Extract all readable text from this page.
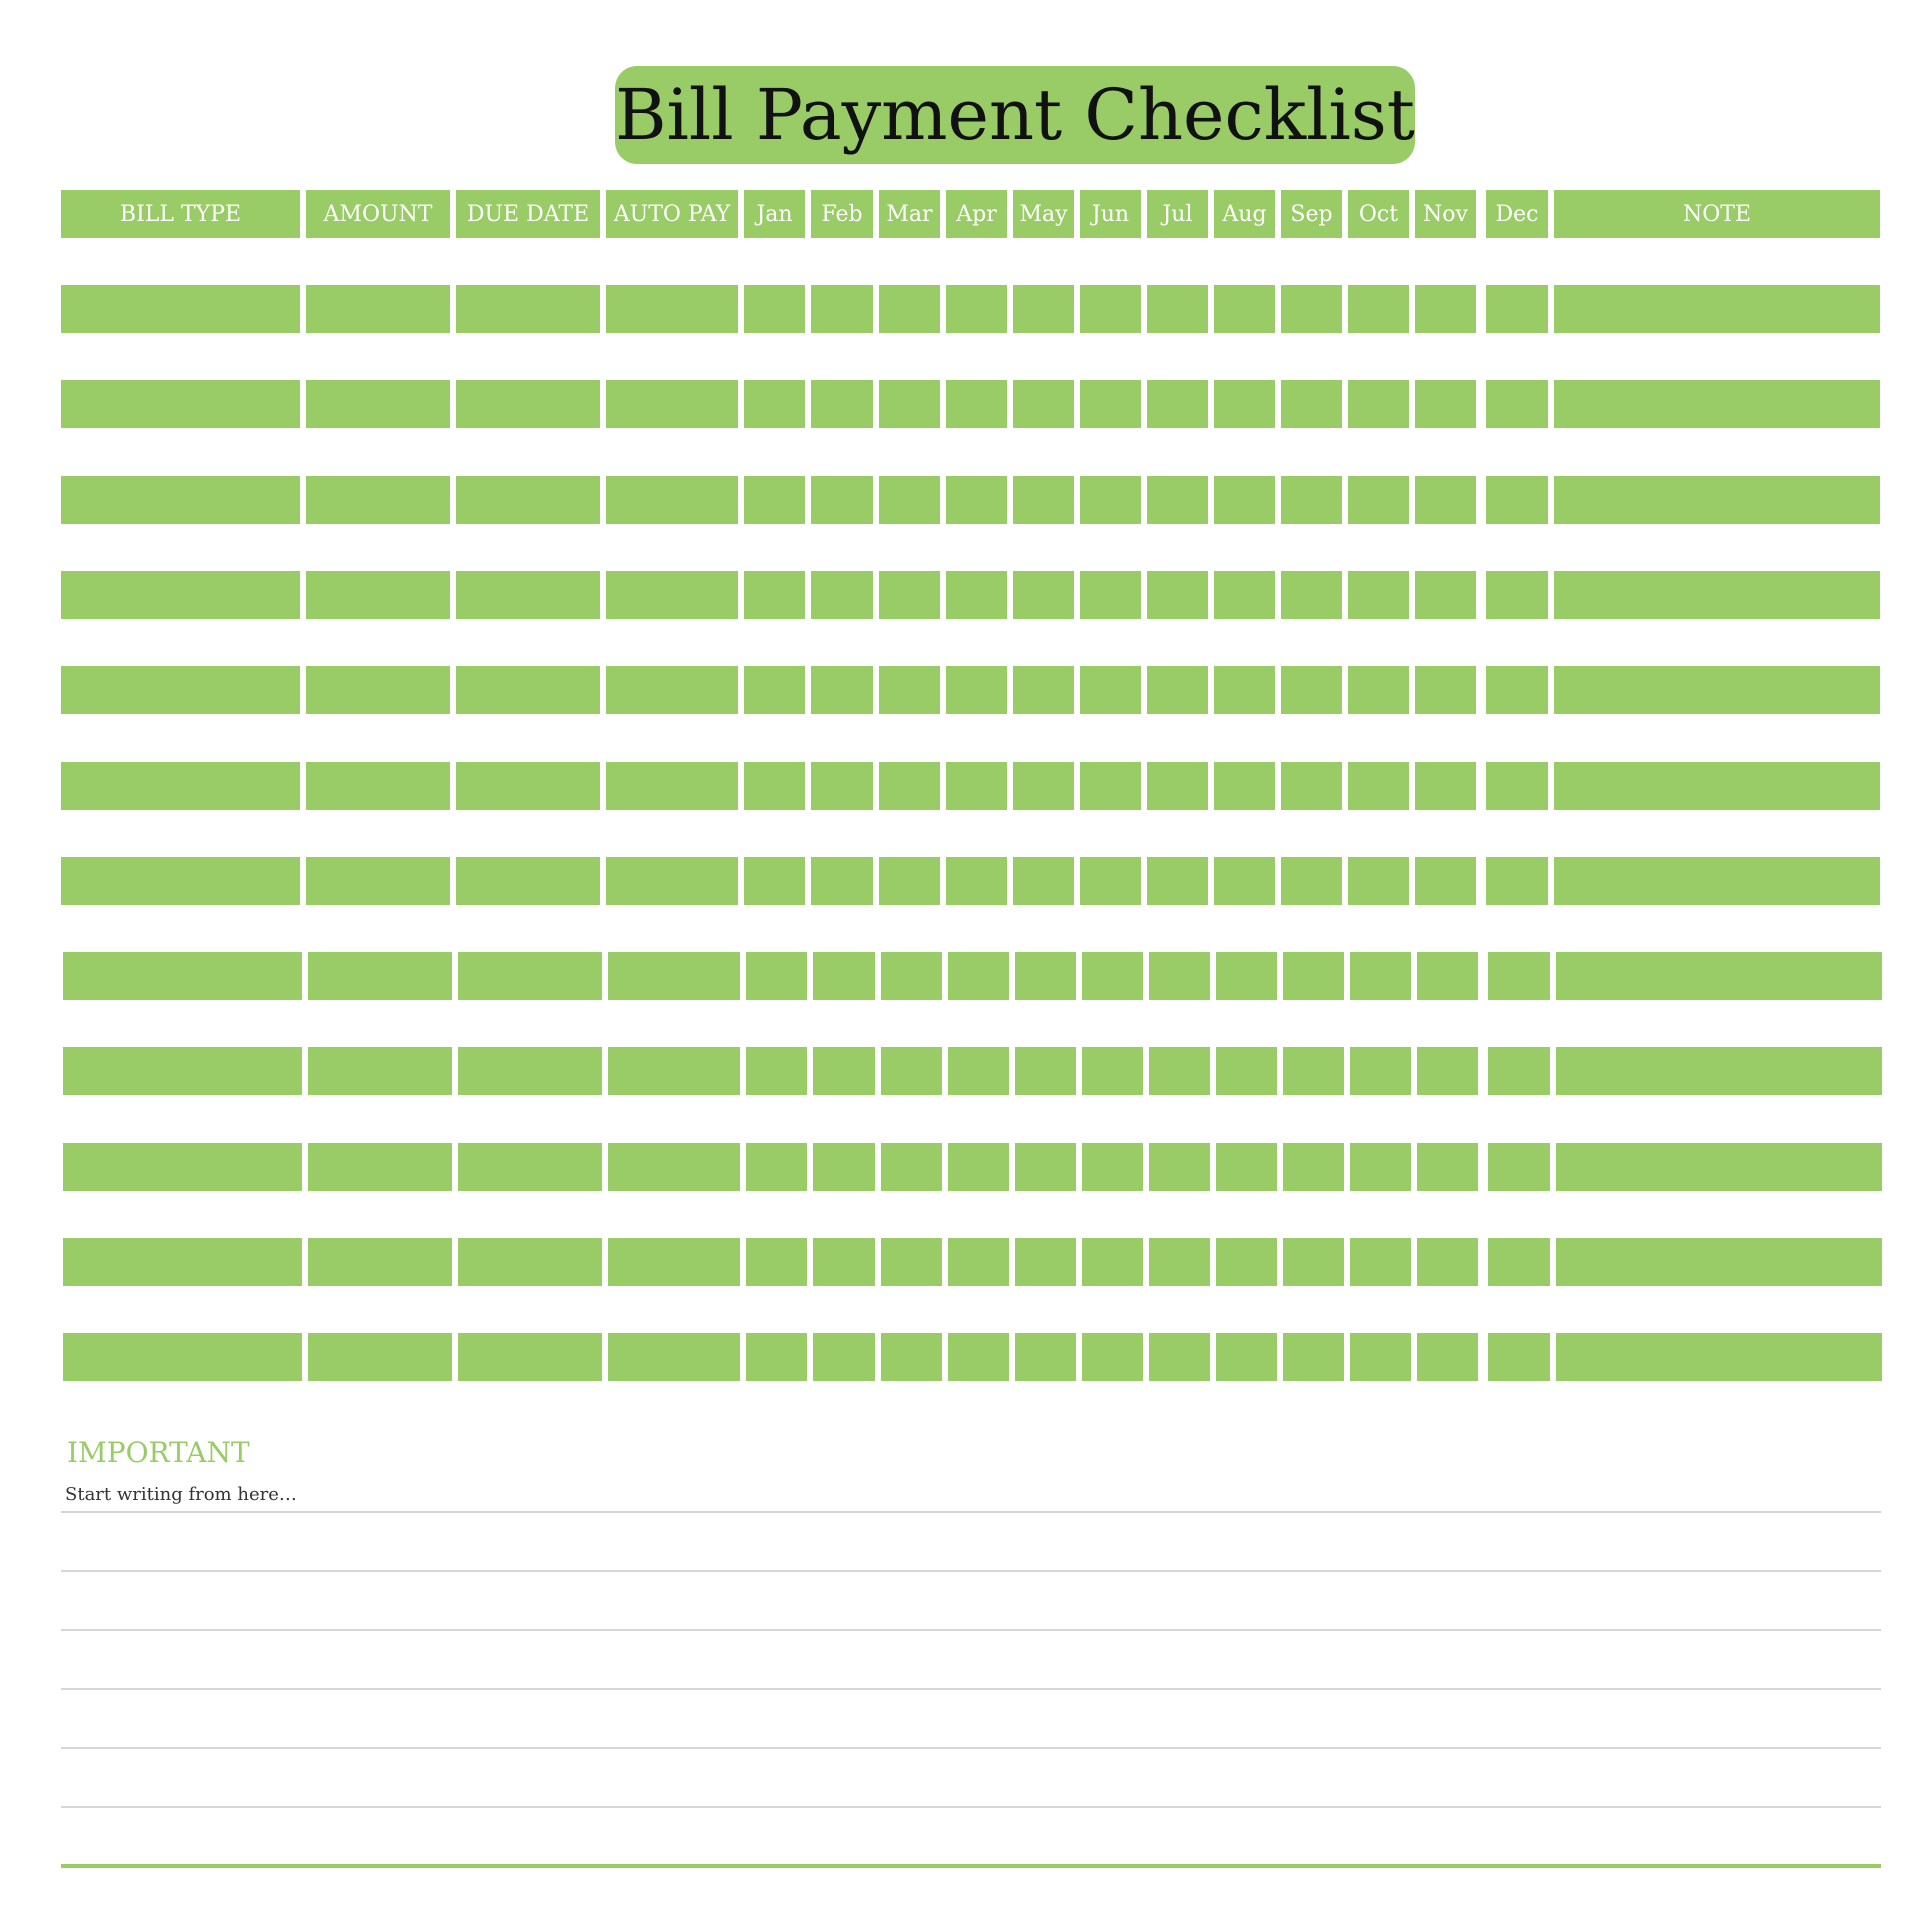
Bill Payment Checklist
BILL TYPE	AMOUNT	DUE DATE	AUTO PAY	Jan	Feb	Mar	Apr	May	Jun	Jul	Aug	Sep	Oct	Nov	Dec	NOTE
IMPORTANT
Start writing from here…
